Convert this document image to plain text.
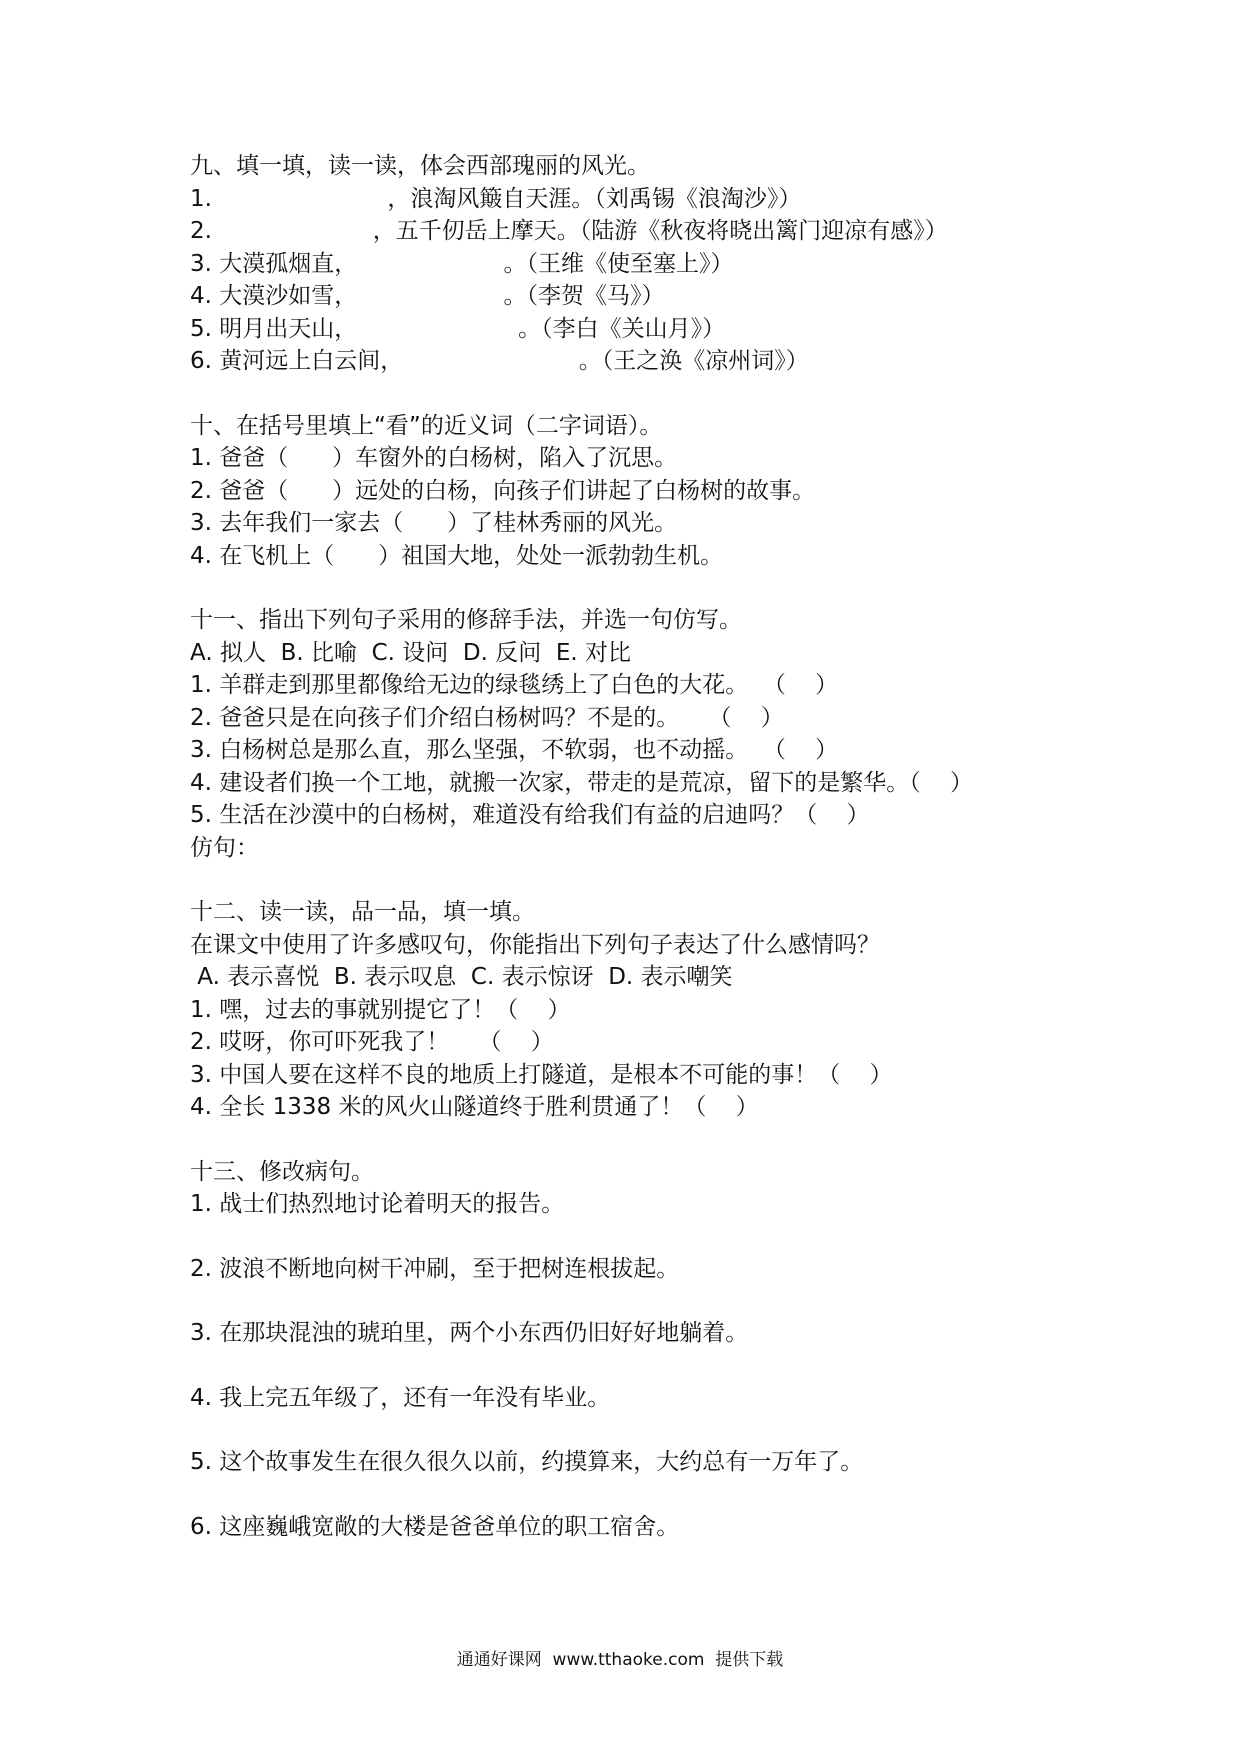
九、填一填，读一读，体会西部瑰丽的风光。
1.                        ，浪淘风簸自天涯。（刘禹锡《浪淘沙》）
2.                      ，五千仞岳上摩天。（陆游《秋夜将晓出篱门迎凉有感》）
3. 大漠孤烟直，                    。（王维《使至塞上》）
4. 大漠沙如雪，                    。（李贺《马》）
5. 明月出天山，                      。（李白《关山月》）
6. 黄河远上白云间，                        。（王之涣《凉州词》）
十、在括号里填上“看”的近义词（二字词语）。
1. 爸爸（      ）车窗外的白杨树，陷入了沉思。
2. 爸爸（      ）远处的白杨，向孩子们讲起了白杨树的故事。
3. 去年我们一家去（      ）了桂林秀丽的风光。
4. 在飞机上（      ）祖国大地，处处一派勃勃生机。
十一、指出下列句子采用的修辞手法，并选一句仿写。
A. 拟人  B. 比喻  C. 设问  D. 反问  E. 对比
1. 羊群走到那里都像给无边的绿毯绣上了白色的大花。  （    ）
2. 爸爸只是在向孩子们介绍白杨树吗？不是的。    （    ）
3. 白杨树总是那么直，那么坚强，不软弱，也不动摇。  （    ）
4. 建设者们换一个工地，就搬一次家，带走的是荒凉，留下的是繁华。（    ）
5. 生活在沙漠中的白杨树，难道没有给我们有益的启迪吗？（    ）
仿句：
十二、读一读，品一品，填一填。
在课文中使用了许多感叹句，你能指出下列句子表达了什么感情吗？
A. 表示喜悦  B. 表示叹息  C. 表示惊讶  D. 表示嘲笑
1. 嘿，过去的事就别提它了！（    ）
2. 哎呀，你可吓死我了！    （    ）
3. 中国人要在这样不良的地质上打隧道，是根本不可能的事！（    ）
4. 全长 1338 米的风火山隧道终于胜利贯通了！（    ）
十三、修改病句。
1. 战士们热烈地讨论着明天的报告。
2. 波浪不断地向树干冲刷，至于把树连根拔起。
3. 在那块混浊的琥珀里，两个小东西仍旧好好地躺着。
4. 我上完五年级了，还有一年没有毕业。
5. 这个故事发生在很久很久以前，约摸算来，大约总有一万年了。
6. 这座巍峨宽敞的大楼是爸爸单位的职工宿舍。
通通好课网  www.tthaoke.com  提供下载
